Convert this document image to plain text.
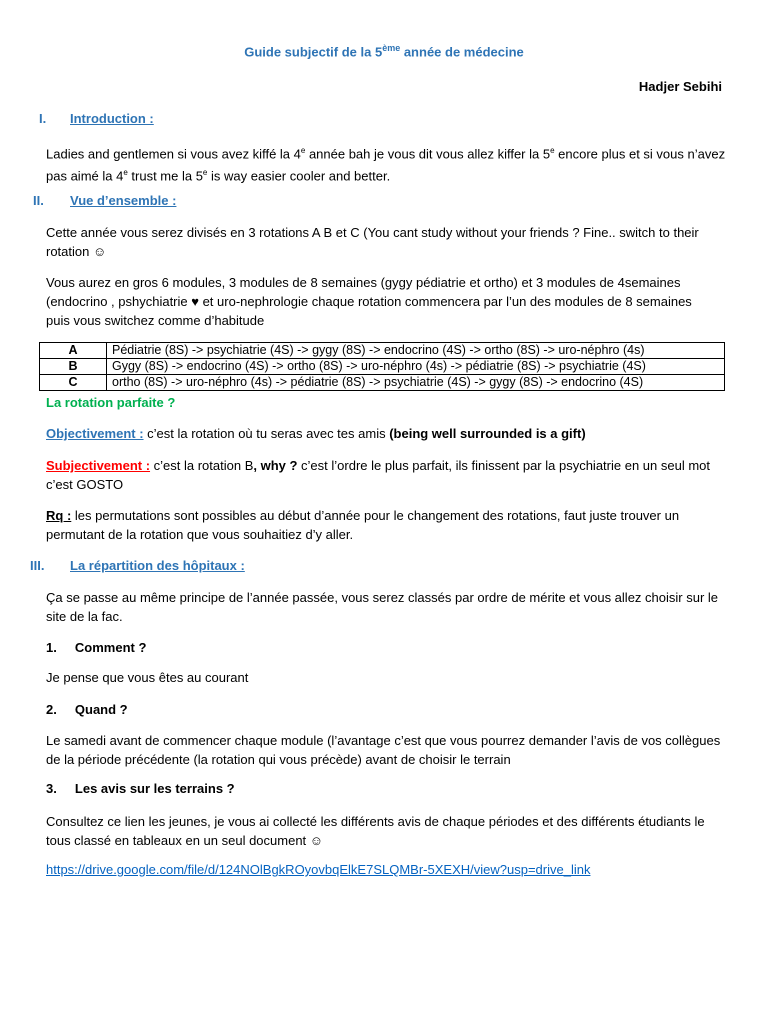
Guide subjectif de la 5ème année de médecine
Hadjer Sebihi
I. Introduction :
Ladies and gentlemen si vous avez kiffé la 4e année bah je vous dit vous allez kiffer la 5e encore plus et si vous n’avez
pas aimé la 4e trust me la 5e is way easier cooler and better.
II. Vue d’ensemble :
Cette année vous serez divisés en 3 rotations A B et C (You cant study without your friends ? Fine.. switch to their
rotation ☺
Vous aurez en gros 6 modules, 3 modules de 8 semaines (gygy pédiatrie et ortho) et 3 modules de 4semaines
(endocrino , pshychiatrie ♥ et uro-nephrologie chaque rotation commencera par l’un des modules de 8 semaines
puis vous switchez comme d’habitude
A	Pédiatrie (8S) -> psychiatrie (4S) -> gygy (8S) -> endocrino (4S) -> ortho (8S) -> uro-néphro (4s)
B	Gygy (8S) -> endocrino (4S) -> ortho (8S) -> uro-néphro (4s) -> pédiatrie (8S) -> psychiatrie (4S)
C	ortho (8S) -> uro-néphro (4s) -> pédiatrie (8S) -> psychiatrie (4S) -> gygy (8S) -> endocrino (4S)
La rotation parfaite ?
Objectivement : c’est la rotation où tu seras avec tes amis (being well surrounded is a gift)
Subjectivement : c’est la rotation B, why ? c’est l’ordre le plus parfait, ils finissent par la psychiatrie en un seul mot
c’est GOSTO
Rq : les permutations sont possibles au début d’année pour le changement des rotations, faut juste trouver un
permutant de la rotation que vous souhaitiez d’y aller.
III. La répartition des hôpitaux :
Ça se passe au même principe de l’année passée, vous serez classés par ordre de mérite et vous allez choisir sur le
site de la fac.
1.     Comment ?
Je pense que vous êtes au courant
2.     Quand ?
Le samedi avant de commencer chaque module (l’avantage c’est que vous pourrez demander l’avis de vos collègues
de la période précédente (la rotation qui vous précède) avant de choisir le terrain
3.     Les avis sur les terrains ?
Consultez ce lien les jeunes, je vous ai collecté les différents avis de chaque périodes et des différents étudiants le
tous classé en tableaux en un seul document ☺
https://drive.google.com/file/d/124NOlBgkROyovbqElkE7SLQMBr-5XEXH/view?usp=drive_link
